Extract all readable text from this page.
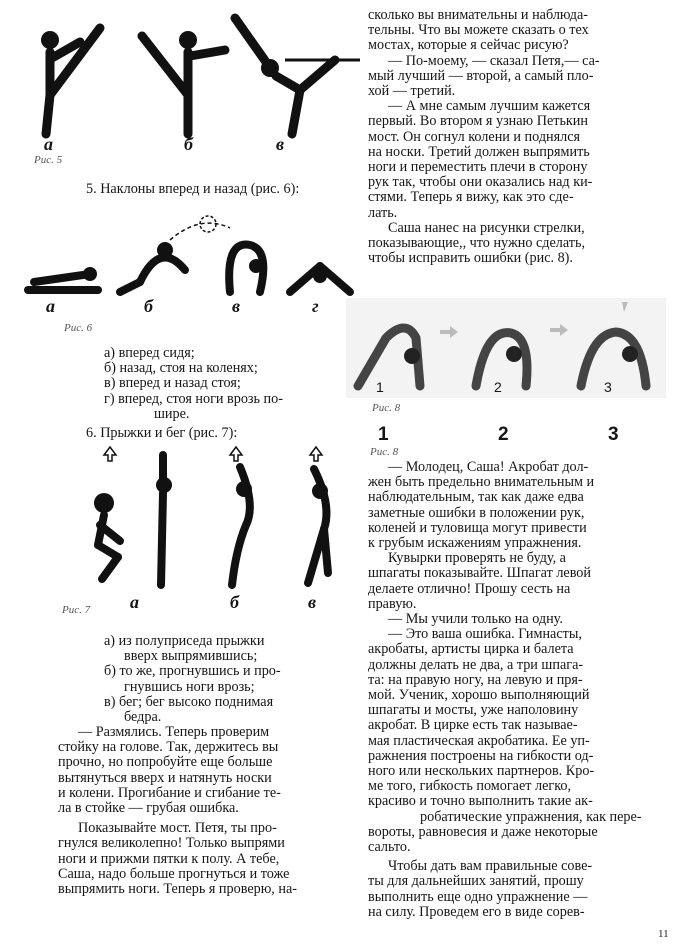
а	б	в
Рис. 5
5. Наклоны вперед и назад (рис. 6):
а	б	в	г
Рис. 6

а) вперед сидя;

б) назад, стоя на коленях;

в) вперед и назад стоя;

г) вперед, стоя ноги врозь по-

шире.

6. Прыжки и бег (рис. 7):
а	б	в
Рис. 7

а) из полуприседа прыжки

вверх выпрямившись;

б) то же, прогнувшись и про-

гнувшись ноги врозь;

в) бег; бег высоко поднимая

бедра.

— Размялись. Теперь проверим

стойку на голове. Так, держитесь вы

прочно, но попробуйте еще больше

вытянуться вверх и натянуть носки

и колени. Прогибание и сгибание те-

ла в стойке — грубая ошибка.

Показывайте мост. Петя, ты про-

гнулся великолепно! Только выпрями

ноги и прижми пятки к полу. А тебе,

Саша, надо больше прогнуться и тоже

выпрямить ноги. Теперь я проверю, на-

сколько вы внимательны и наблюда-

тельны. Что вы можете сказать о тех

мостах, которые я сейчас рисую?

— По-моему, — сказал Петя,— са-

мый лучший — второй, а самый пло-

хой — третий.

— А мне самым лучшим кажется

первый. Во втором я узнаю Петькин

мост. Он согнул колени и поднялся

на носки. Третий должен выпрямить

ноги и переместить плечи в сторону

рук так, чтобы они оказались над ки-

стями. Теперь я вижу, как это сде-

лать.

Саша нанес на рисунки стрелки,

показывающие,, что нужно сделать,

чтобы исправить ошибки (рис. 8).

1	2	3
Рис. 8
1	2	3
Рис. 8

— Молодец, Саша! Акробат дол-

жен быть предельно внимательным и

наблюдательным, так как даже едва

заметные ошибки в положении рук,

коленей и туловища могут привести

к грубым искажениям упражнения.

Кувырки проверять не буду, а

шпагаты показывайте. Шпагат левой

делаете отлично! Прошу сесть на

правую.

— Мы учили только на одну.

— Это ваша ошибка. Гимнасты,

акробаты, артисты цирка и балета

должны делать не два, а три шпага-

та: на правую ногу, на левую и пря-

мой. Ученик, хорошо выполняющий

шпагаты и мосты, уже наполовину

акробат. В цирке есть так называе-

мая пластическая акробатика. Ее уп-

ражнения построены на гибкости од-

ного или нескольких партнеров. Кро-

ме того, гибкость помогает легко,

красиво и точно выполнить такие ак-

робатические упражнения, как пере-

вороты, равновесия и даже некоторые

сальто.

Чтобы дать вам правильные сове-

ты для дальнейших занятий, прошу

выполнить еще одно упражнение —

на силу. Проведем его в виде сорев-

11
